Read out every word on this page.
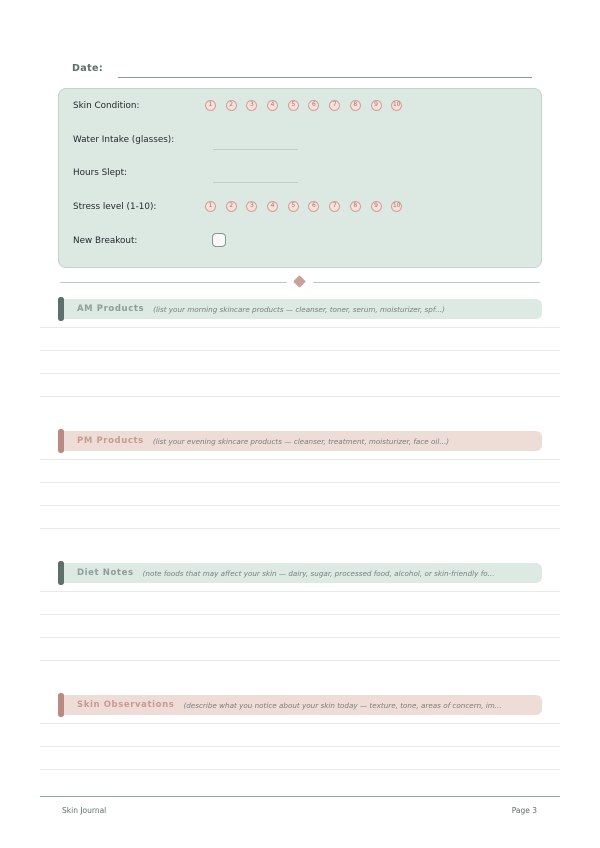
Date:
Skin Condition:	1	2	3	4	5	6	7	8	9	10
Water Intake (glasses):
Hours Slept:
Stress level (1-10):	1	2	3	4	5	6	7	8	9	10
New Breakout:
AM Products (list your morning skincare products — cleanser, toner, serum, moisturizer, spf...)
PM Products (list your evening skincare products — cleanser, treatment, moisturizer, face oil...)
Diet Notes (note foods that may affect your skin — dairy, sugar, processed food, alcohol, or skin-friendly fo...
Skin Observations (describe what you notice about your skin today — texture, tone, areas of concern, im...
Skin Journal	Page 3
